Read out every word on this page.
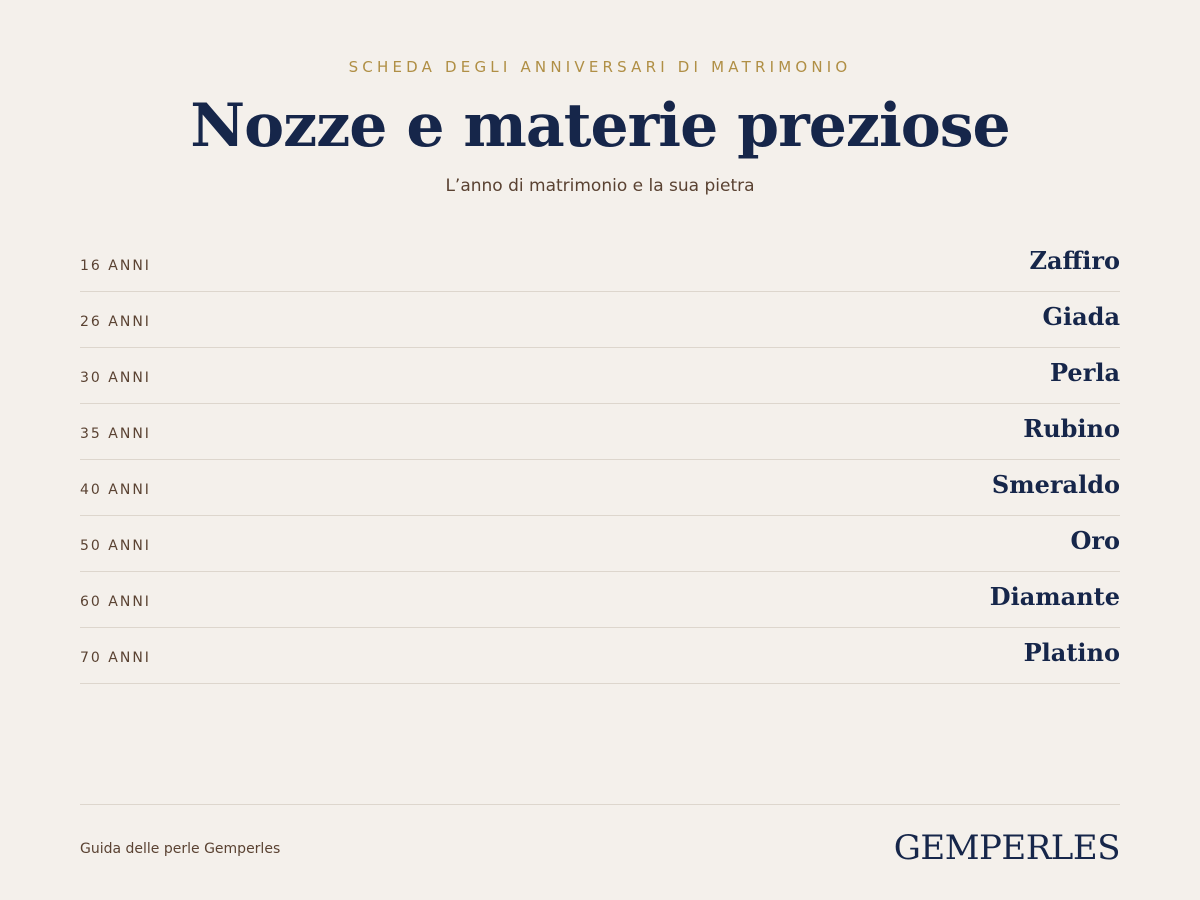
SCHEDA DEGLI ANNIVERSARI DI MATRIMONIO
Nozze e materie preziose
L’anno di matrimonio e la sua pietra
16 ANNI	Zaffiro
26 ANNI	Giada
30 ANNI	Perla
35 ANNI	Rubino
40 ANNI	Smeraldo
50 ANNI	Oro
60 ANNI	Diamante
70 ANNI	Platino
Guida delle perle Gemperles	GEMPERLES
